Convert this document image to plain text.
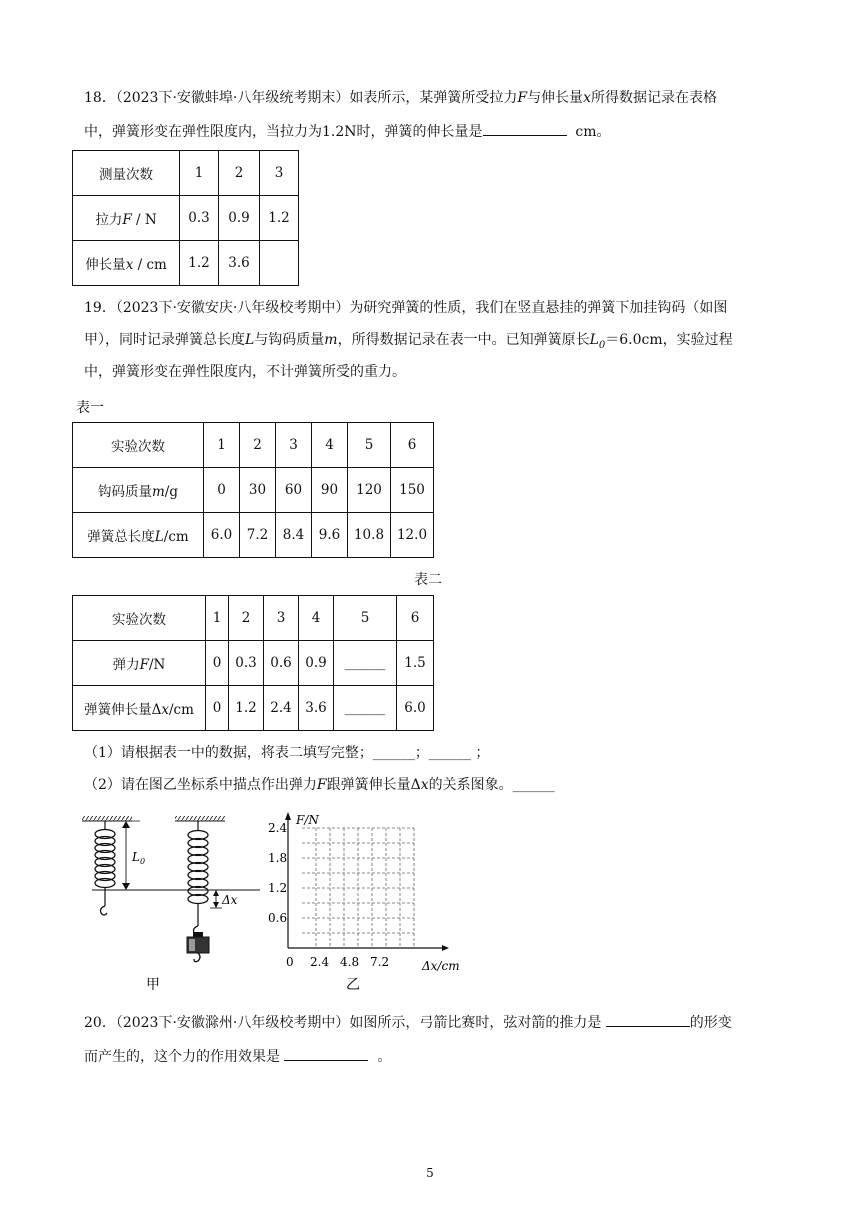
18．（2023下·安徽蚌埠·八年级统考期末）如表所示，某弹簧所受拉力F与伸长量x所得数据记录在表格
中，弹簧形变在弹性限度内，当拉力为1.2N时，弹簧的伸长量是	cm。
测量次数	1	2	3
拉力F / N	0.3	0.9	1.2
伸长量x / cm	1.2	3.6	
19．（2023下·安徽安庆·八年级校考期中）为研究弹簧的性质，我们在竖直悬挂的弹簧下加挂钩码（如图
甲），同时记录弹簧总长度L与钩码质量m，所得数据记录在表一中。已知弹簧原长$L_0=6.0cm$，实验过程
中，弹簧形变在弹性限度内，不计弹簧所受的重力。
表一
实验次数	1	2	3	4	5	6
钩码质量m/g	0	30	60	90	120	150
弹簧总长度L/cm	6.0	7.2	8.4	9.6	10.8	12.0
表二
实验次数	1	2	3	4	5	6
弹力F/N	0	0.3	0.6	0.9	______	1.5
弹簧伸长量Δx/cm	0	1.2	2.4	3.6	______	6.0
（1）请根据表一中的数据，将表二填写完整；______；______ ；
（2）请在图乙坐标系中描点作出弹力F跟弹簧伸长量Δx的关系图象。______
$L_0$
Δx
甲
F/N
2.4
1.8
1.2
0.6
0 2.4 4.8 7.2	Δx/cm
乙
20．（2023下·安徽滁州·八年级校考期中）如图所示，弓箭比赛时，弦对箭的推力是	的形变
而产生的，这个力的作用效果是	。
5
